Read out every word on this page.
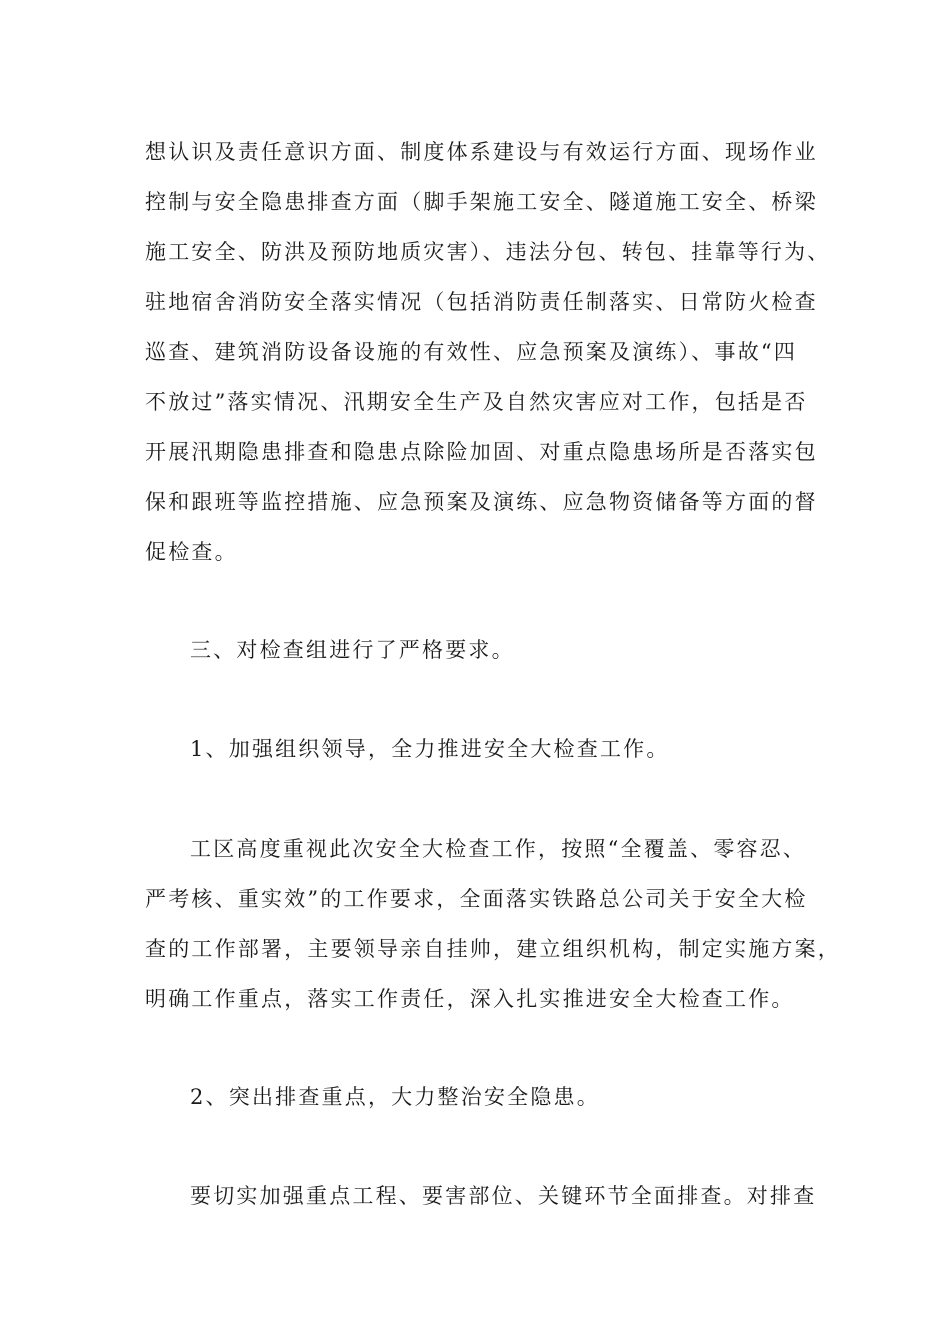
想认识及责任意识方面、制度体系建设与有效运行方面、现场作业
控制与安全隐患排查方面（脚手架施工安全、隧道施工安全、桥梁
施工安全、防洪及预防地质灾害）、违法分包、转包、挂靠等行为、
驻地宿舍消防安全落实情况（包括消防责任制落实、日常防火检查
巡查、建筑消防设备设施的有效性、应急预案及演练）、事故“四
不放过”落实情况、汛期安全生产及自然灾害应对工作，包括是否
开展汛期隐患排查和隐患点除险加固、对重点隐患场所是否落实包
保和跟班等监控措施、应急预案及演练、应急物资储备等方面的督
促检查。
三、对检查组进行了严格要求。
1、加强组织领导，全力推进安全大检查工作。
工区高度重视此次安全大检查工作，按照“全覆盖、零容忍、
严考核、重实效”的工作要求，全面落实铁路总公司关于安全大检
查的工作部署，主要领导亲自挂帅，建立组织机构，制定实施方案，
明确工作重点，落实工作责任，深入扎实推进安全大检查工作。
2、突出排查重点，大力整治安全隐患。
要切实加强重点工程、要害部位、关键环节全面排查。对排查
